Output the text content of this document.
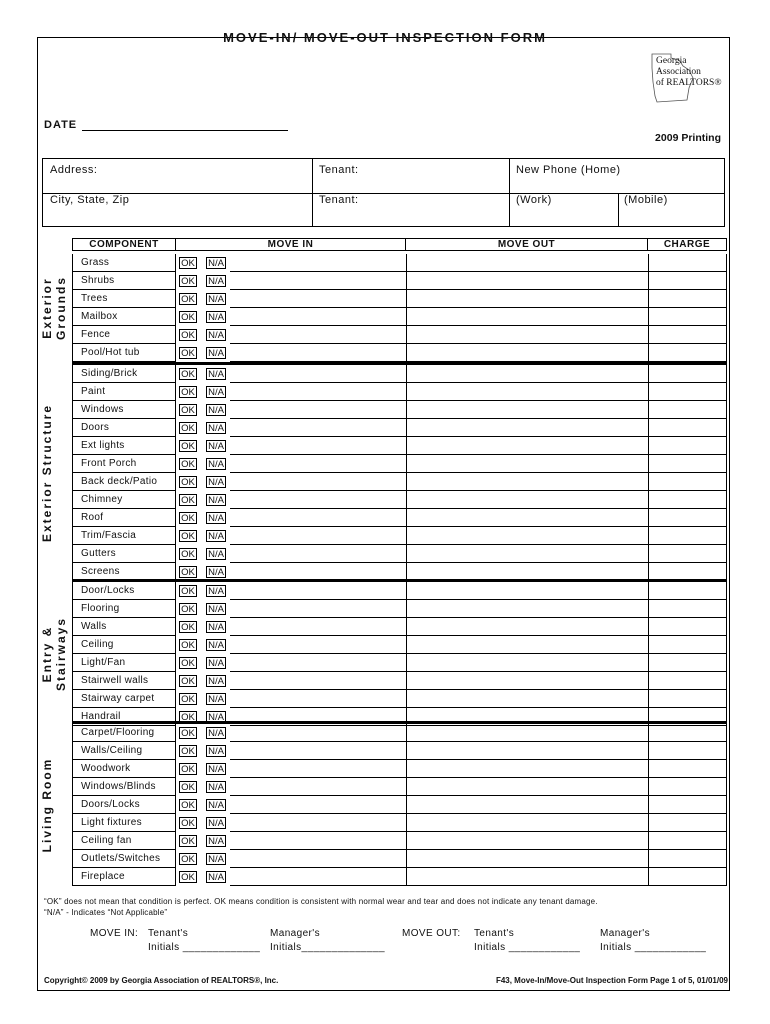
MOVE-IN/ MOVE-OUT INSPECTION FORM
Georgia
Association
of REALTORS®
DATE
2009 Printing
Address:	Tenant:	New Phone (Home)
City, State, Zip	Tenant:	(Work)	(Mobile)
COMPONENT	MOVE IN	MOVE OUT	CHARGE
Grass	OK N/A
Shrubs	OK N/A
Trees	OK N/A
Mailbox	OK N/A
Fence	OK N/A
Pool/Hot tub	OK N/A
Exterior Grounds
Siding/Brick	OK N/A
Paint	OK N/A
Windows	OK N/A
Doors	OK N/A
Ext lights	OK N/A
Front Porch	OK N/A
Back deck/Patio	OK N/A
Chimney	OK N/A
Roof	OK N/A
Trim/Fascia	OK N/A
Gutters	OK N/A
Screens	OK N/A
Exterior Structure
Door/Locks	OK N/A
Flooring	OK N/A
Walls	OK N/A
Ceiling	OK N/A
Light/Fan	OK N/A
Stairwell walls	OK N/A
Stairway carpet	OK N/A
Handrail	OK N/A
Entry & Stairways
Carpet/Flooring	OK N/A
Walls/Ceiling	OK N/A
Woodwork	OK N/A
Windows/Blinds	OK N/A
Doors/Locks	OK N/A
Light fixtures	OK N/A
Ceiling fan	OK N/A
Outlets/Switches	OK N/A
Fireplace	OK N/A
Living Room
“OK” does not mean that condition is perfect. OK means condition is consistent with normal wear and tear and does not indicate any tenant damage.
“N/A” - Indicates “Not Applicable”
MOVE IN: Tenant's
Initials _____________
Manager's
Initials______________
MOVE OUT: Tenant's
Initials ____________
Manager's
Initials ____________
Copyright© 2009 by Georgia Association of REALTORS®, Inc.	F43, Move-In/Move-Out Inspection Form Page 1 of 5, 01/01/09
